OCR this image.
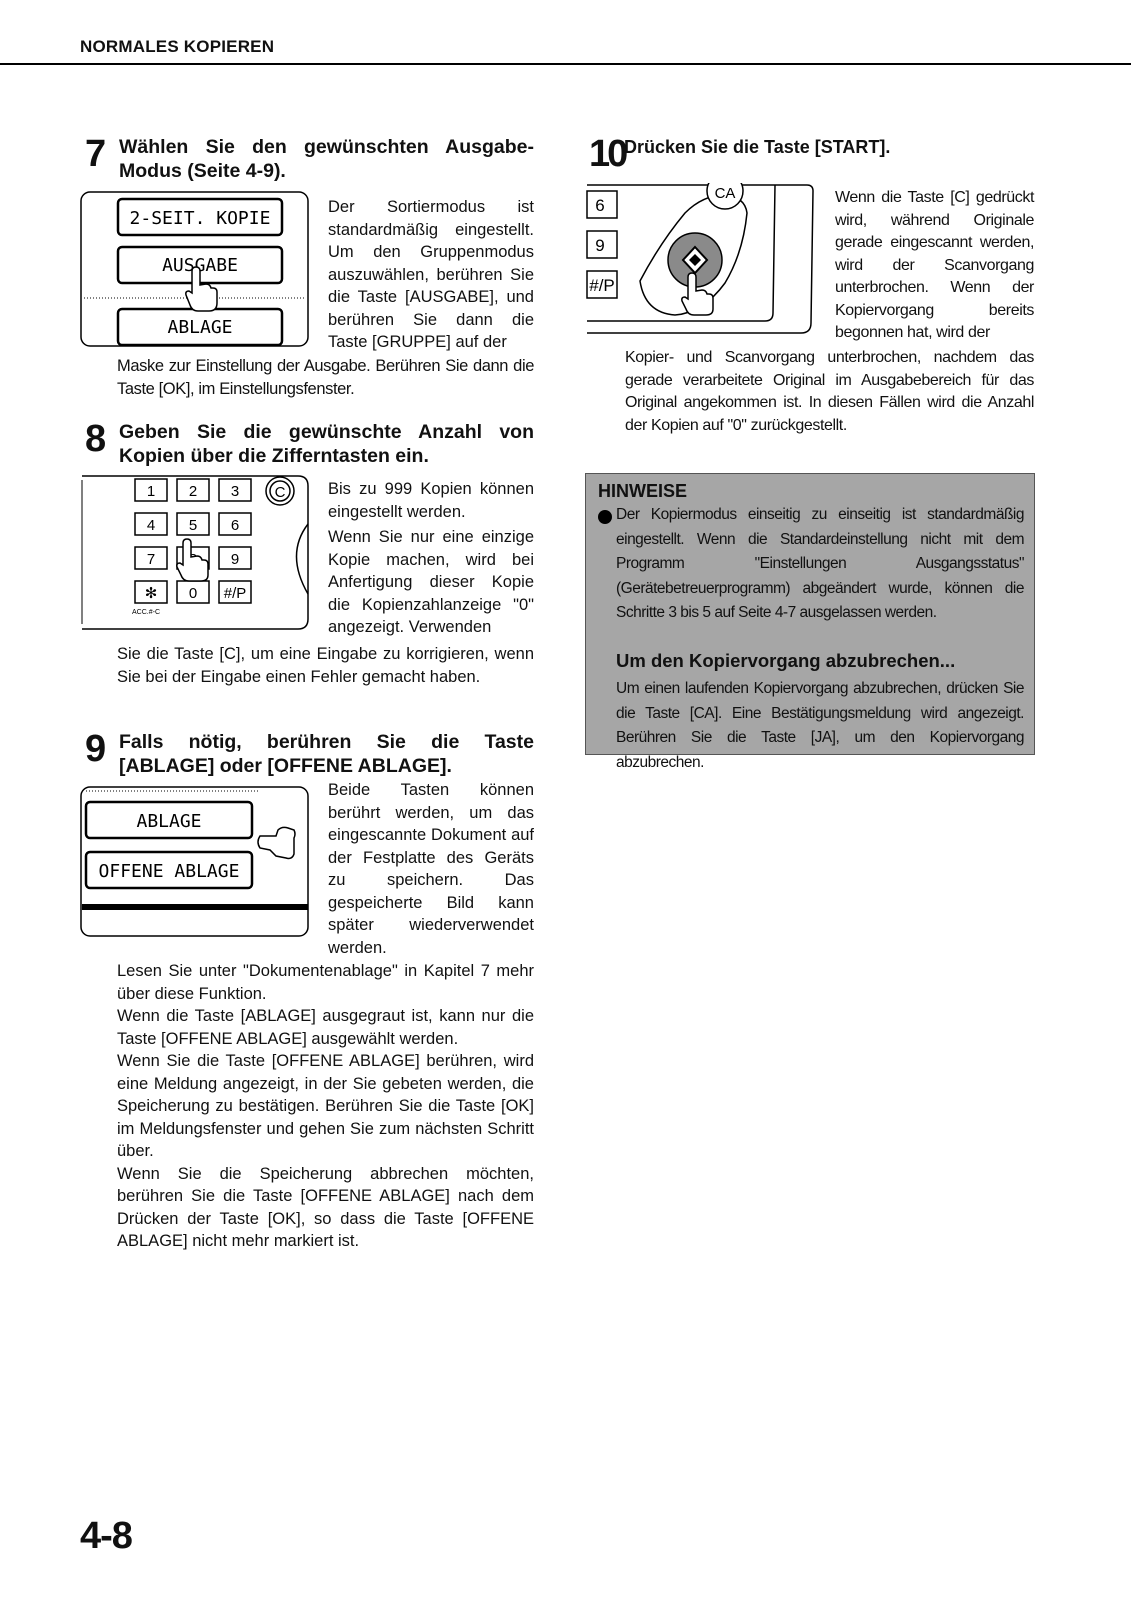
NORMALES KOPIEREN
7 Wählen Sie den gewünschten Ausgabe-Modus (Seite 4-9).
2-SEIT. KOPIE
AUSGABE
ABLAGE
Der Sortiermodus ist standardmäßig eingestellt. Um den Gruppenmodus auszuwählen, berühren Sie die Taste [AUSGABE], und berühren Sie dann die Taste [GRUPPE] auf der
Maske zur Einstellung der Ausgabe. Berühren Sie dann die Taste [OK], im Einstellungsfenster.
8 Geben Sie die gewünschte Anzahl von Kopien über die Zifferntasten ein.
1 2 3
4 5 6
7	9
✻ 0 #/P
C
ACC.#-C

Bis zu 999 Kopien können eingestellt werden.

Wenn Sie nur eine einzige Kopie machen, wird bei Anfertigung dieser Kopie die Kopienzahlanzeige "0" angezeigt. Verwenden

Sie die Taste [C], um eine Eingabe zu korrigieren, wenn Sie bei der Eingabe einen Fehler gemacht haben.
9 Falls nötig, berühren Sie die Taste [ABLAGE] oder [OFFENE ABLAGE].
ABLAGE
OFFENE ABLAGE
Beide Tasten können berührt werden, um das eingescannte Dokument auf der Festplatte des Geräts zu speichern. Das gespeicherte Bild kann später wiederverwendet werden.

Lesen Sie unter "Dokumentenablage" in Kapitel 7 mehr über diese Funktion.

Wenn die Taste [ABLAGE] ausgegraut ist, kann nur die Taste [OFFENE ABLAGE] ausgewählt werden.

Wenn Sie die Taste [OFFENE ABLAGE] berühren, wird eine Meldung angezeigt, in der Sie gebeten werden, die Speicherung zu bestätigen. Berühren Sie die Taste [OK] im Meldungsfenster und gehen Sie zum nächsten Schritt über.

Wenn Sie die Speicherung abbrechen möchten, berühren Sie die Taste [OFFENE ABLAGE] nach dem Drücken der Taste [OK], so dass die Taste [OFFENE ABLAGE] nicht mehr markiert ist.

10
Drücken Sie die Taste [START].
6
9
#/P
CA	Wenn die Taste [C] gedrückt wird, während Originale gerade eingescannt werden, wird der Scanvorgang unterbrochen. Wenn der Kopiervorgang bereits begonnen hat, wird der
Kopier- und Scanvorgang unterbrochen, nachdem das gerade verarbeitete Original im Ausgabebereich für das Original angekommen ist. In diesen Fällen wird die Anzahl der Kopien auf "0" zurückgestellt.
HINWEISE
Der Kopiermodus einseitig zu einseitig ist standardmäßig eingestellt. Wenn die Standardeinstellung nicht mit dem Programm "Einstellungen Ausgangsstatus" (Gerätebetreuerprogramm) abgeändert wurde, können die Schritte 3 bis 5 auf Seite 4-7 ausgelassen werden.
Um den Kopiervorgang abzubrechen...
Um einen laufenden Kopiervorgang abzubrechen, drücken Sie die Taste [CA]. Eine Bestätigungsmeldung wird angezeigt. Berühren Sie die Taste [JA], um den Kopiervorgang abzubrechen.
4-8
